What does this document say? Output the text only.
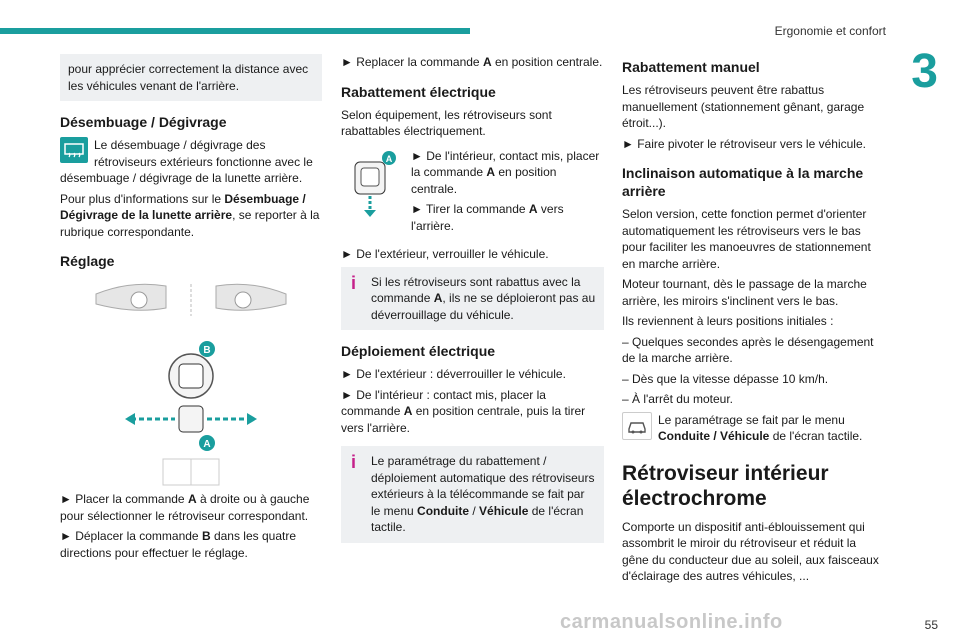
Ergonomie et confort
3
pour apprécier correctement la distance avec les véhicules venant de l'arrière.
Désembuage / Dégivrage

Le désembuage / dégivrage des rétroviseurs extérieurs fonctionne avec le désembuage / dégivrage de la lunette arrière.

Pour plus d'informations sur le Désembuage / Dégivrage de la lunette arrière, se reporter à la rubrique correspondante.

Réglage
B
A

► Placer la commande A à droite ou à gauche pour sélectionner le rétroviseur correspondant.

► Déplacer la commande B dans les quatre directions pour effectuer le réglage.

► Replacer la commande A en position centrale.

Rabattement électrique

Selon équipement, les rétroviseurs sont rabattables électriquement.

A ► De l'intérieur, contact mis, placer la commande A en position centrale.

► Tirer la commande A vers l'arrière.

► De l'extérieur, verrouiller le véhicule.

i Si les rétroviseurs sont rabattus avec la commande A, ils ne se déploieront pas au déverrouillage du véhicule.
Déploiement électrique

► De l'extérieur : déverrouiller le véhicule.

► De l'intérieur : contact mis, placer la commande A en position centrale, puis la tirer vers l'arrière.

i Le paramétrage du rabattement / déploiement automatique des rétroviseurs extérieurs à la télécommande se fait par le menu Conduite / Véhicule de l'écran tactile.
Rabattement manuel

Les rétroviseurs peuvent être rabattus manuellement (stationnement gênant, garage étroit...).

► Faire pivoter le rétroviseur vers le véhicule.

Inclinaison automatique à la marche arrière

Selon version, cette fonction permet d'orienter automatiquement les rétroviseurs vers le bas pour faciliter les manoeuvres de stationnement en marche arrière.

Moteur tournant, dès le passage de la marche arrière, les miroirs s'inclinent vers le bas.

Ils reviennent à leurs positions initiales :

– Quelques secondes après le désengagement de la marche arrière.

– Dès que la vitesse dépasse 10 km/h.

– À l'arrêt du moteur.

Le paramétrage se fait par le menu Conduite / Véhicule de l'écran tactile.

Rétroviseur intérieur électrochrome

Comporte un dispositif anti-éblouissement qui assombrit le miroir du rétroviseur et réduit la gêne du conducteur due au soleil, aux faisceaux d'éclairage des autres véhicules, ...

carmanualsonline.info	55
